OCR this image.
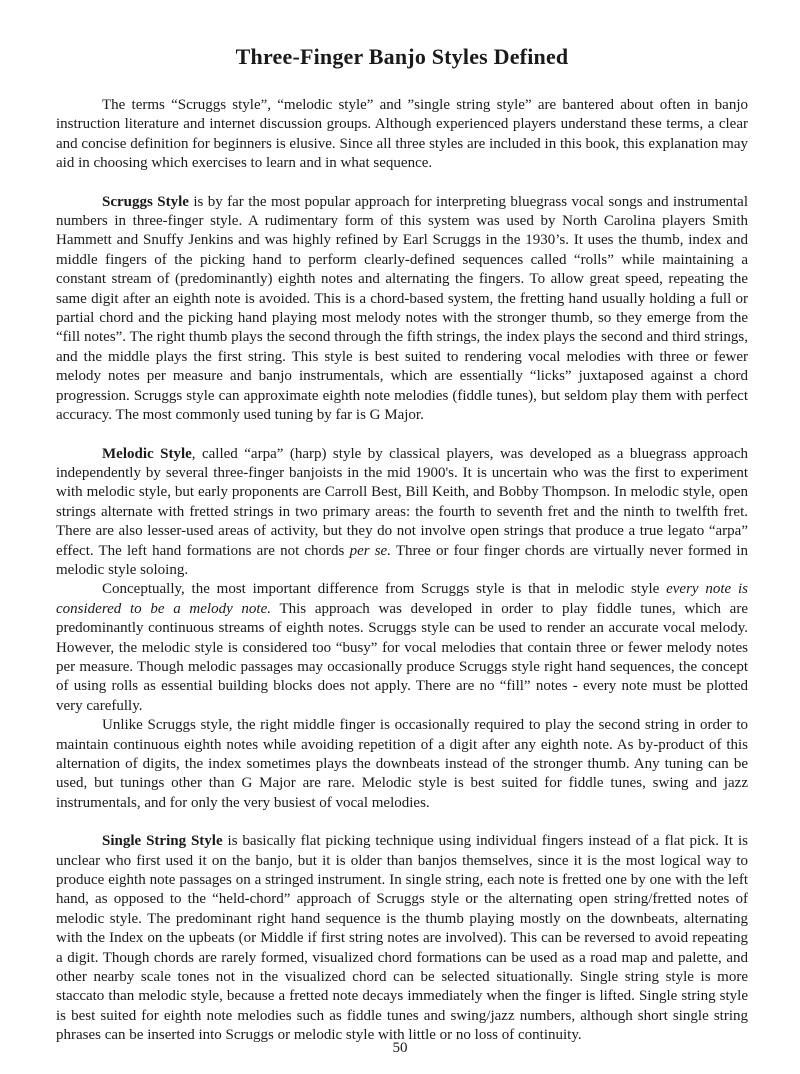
Three-Finger Banjo Styles Defined

The terms “Scruggs style”, “melodic style” and ”single string style” are bantered about often in banjo instruction literature and internet discussion groups. Although experienced players understand these terms, a clear and concise definition for beginners is elusive. Since all three styles are included in this book, this explanation may aid in choosing which exercises to learn and in what sequence.

Scruggs Style is by far the most popular approach for interpreting bluegrass vocal songs and instrumental numbers in three-finger style. A rudimentary form of this system was used by North Carolina players Smith Hammett and Snuffy Jenkins and was highly refined by Earl Scruggs in the 1930’s. It uses the thumb, index and middle fingers of the picking hand to perform clearly-defined sequences called “rolls” while maintaining a constant stream of (predominantly) eighth notes and alternating the fingers. To allow great speed, repeating the same digit after an eighth note is avoided. This is a chord-based system, the fretting hand usually holding a full or partial chord and the picking hand playing most melody notes with the stronger thumb, so they emerge from the “fill notes”. The right thumb plays the second through the fifth strings, the index plays the second and third strings, and the middle plays the first string. This style is best suited to rendering vocal melodies with three or fewer melody notes per measure and banjo instrumentals, which are essentially “licks” juxtaposed against a chord progression. Scruggs style can approximate eighth note melodies (fiddle tunes), but seldom play them with perfect accuracy. The most commonly used tuning by far is G Major.

Melodic Style, called “arpa” (harp) style by classical players, was developed as a bluegrass approach independently by several three-finger banjoists in the mid 1900's. It is uncertain who was the first to experiment with melodic style, but early proponents are Carroll Best, Bill Keith, and Bobby Thompson. In melodic style, open strings alternate with fretted strings in two primary areas: the fourth to seventh fret and the ninth to twelfth fret. There are also lesser-used areas of activity, but they do not involve open strings that produce a true legato “arpa” effect. The left hand formations are not chords per se. Three or four finger chords are virtually never formed in melodic style soloing.

Conceptually, the most important difference from Scruggs style is that in melodic style every note is considered to be a melody note. This approach was developed in order to play fiddle tunes, which are predominantly continuous streams of eighth notes. Scruggs style can be used to render an accurate vocal melody. However, the melodic style is considered too “busy” for vocal melodies that contain three or fewer melody notes per measure. Though melodic passages may occasionally produce Scruggs style right hand sequences, the concept of using rolls as essential building blocks does not apply. There are no “fill” notes - every note must be plotted very carefully.

Unlike Scruggs style, the right middle finger is occasionally required to play the second string in order to maintain continuous eighth notes while avoiding repetition of a digit after any eighth note. As by-product of this alternation of digits, the index sometimes plays the downbeats instead of the stronger thumb. Any tuning can be used, but tunings other than G Major are rare. Melodic style is best suited for fiddle tunes, swing and jazz instrumentals, and for only the very busiest of vocal melodies.

Single String Style is basically flat picking technique using individual fingers instead of a flat pick. It is unclear who first used it on the banjo, but it is older than banjos themselves, since it is the most logical way to produce eighth note passages on a stringed instrument. In single string, each note is fretted one by one with the left hand, as opposed to the “held-chord” approach of Scruggs style or the alternating open string/fretted notes of melodic style. The predominant right hand sequence is the thumb playing mostly on the downbeats, alternating with the Index on the upbeats (or Middle if first string notes are involved). This can be reversed to avoid repeating a digit. Though chords are rarely formed, visualized chord formations can be used as a road map and palette, and other nearby scale tones not in the visualized chord can be selected situationally. Single string style is more staccato than melodic style, because a fretted note decays immediately when the finger is lifted. Single string style is best suited for eighth note melodies such as fiddle tunes and swing/jazz numbers, although short single string phrases can be inserted into Scruggs or melodic style with little or no loss of continuity.

50
